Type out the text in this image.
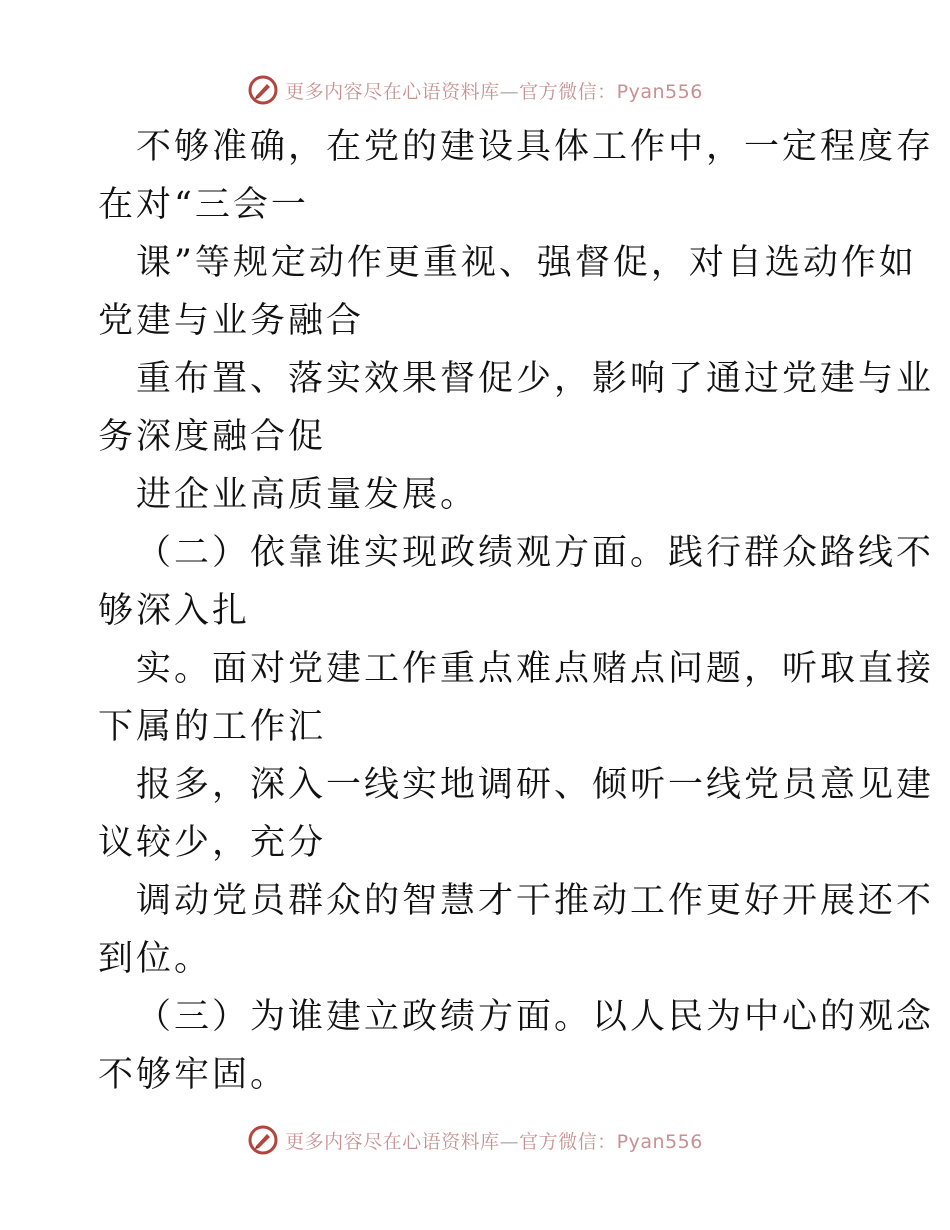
更多内容尽在心语资料库—官方微信：Pyan556
不够准确，在党的建设具体工作中，一定程度存
在对“三会一
课”等规定动作更重视、强督促，对自选动作如
党建与业务融合
重布置、落实效果督促少，影响了通过党建与业
务深度融合促
进企业高质量发展。
（二）依靠谁实现政绩观方面。践行群众路线不
够深入扎
实。面对党建工作重点难点赌点问题，听取直接
下属的工作汇
报多，深入一线实地调研、倾听一线党员意见建
议较少，充分
调动党员群众的智慧才干推动工作更好开展还不
到位。
（三）为谁建立政绩方面。以人民为中心的观念
不够牢固。
更多内容尽在心语资料库—官方微信：Pyan556
